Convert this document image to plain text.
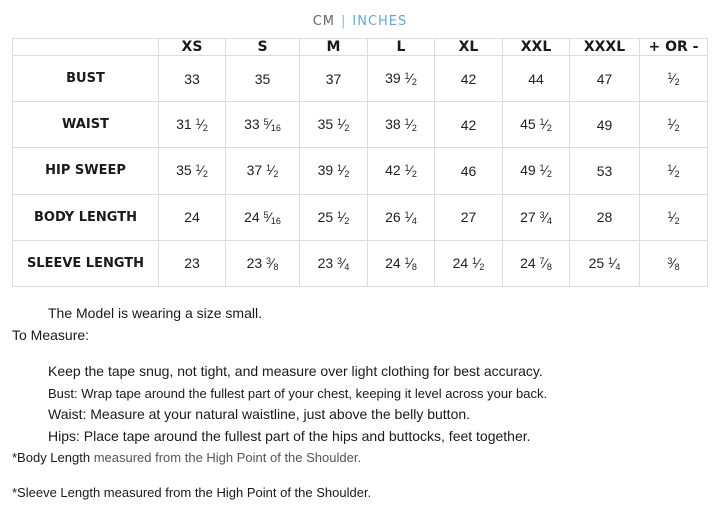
CM | INCHES
	XS	S	M	L	XL	XXL	XXXL	+ OR -
BUST	33	35	37	39 $^1⁄_2$	42	44	47	$^1⁄_2$
WAIST	31 $^1⁄_2$	33 $^5⁄_{16}$	35 $^1⁄_2$	38 $^1⁄_2$	42	45 $^1⁄_2$	49	$^1⁄_2$
HIP SWEEP	35 $^1⁄_2$	37 $^1⁄_2$	39 $^1⁄_2$	42 $^1⁄_2$	46	49 $^1⁄_2$	53	$^1⁄_2$
BODY LENGTH	24	24 $^5⁄_{16}$	25 $^1⁄_2$	26 $^1⁄_4$	27	27 $^3⁄_4$	28	$^1⁄_2$
SLEEVE LENGTH	23	23 $^3⁄_8$	23 $^3⁄_4$	24 $^1⁄_8$	24 $^1⁄_2$	24 $^7⁄_8$	25 $^1⁄_4$	$^3⁄_8$
The Model is wearing a size small.
To Measure:
Keep the tape snug, not tight, and measure over light clothing for best accuracy.
Bust: Wrap tape around the fullest part of your chest, keeping it level across your back.
Waist: Measure at your natural waistline, just above the belly button.
Hips: Place tape around the fullest part of the hips and buttocks, feet together.
*Body Length measured from the High Point of the Shoulder.
*Sleeve Length measured from the High Point of the Shoulder.
